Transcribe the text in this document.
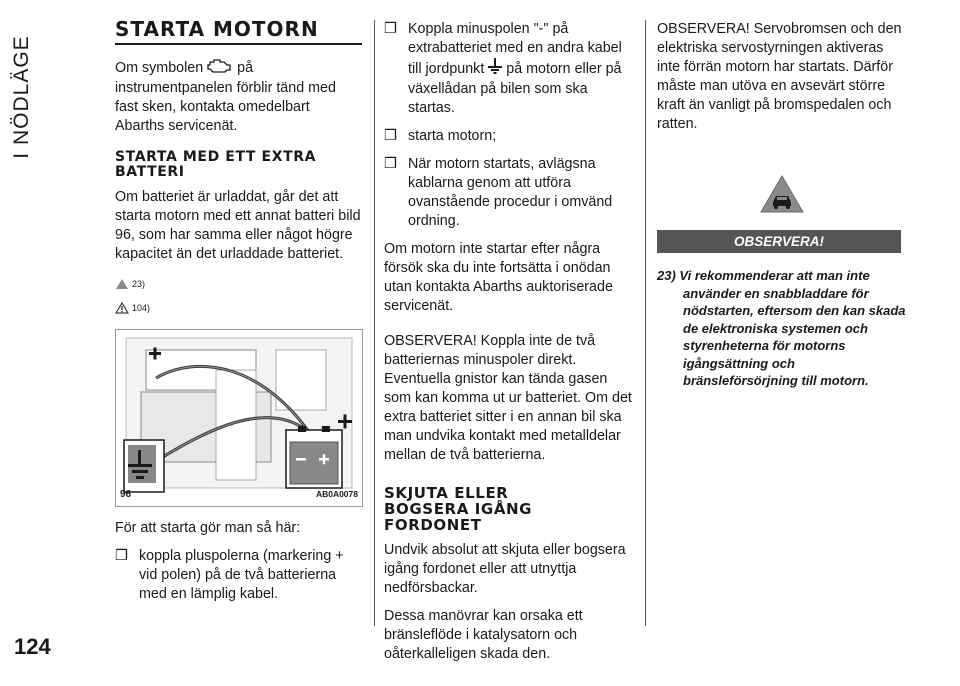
I NÖDLÄGE
124
STARTA MOTORN

Om symbolen på instrumentpanelen förblir tänd med fast sken, kontakta omedelbart Abarths servicenät.

STARTA MED ETT EXTRA
BATTERI

Om batteriet är urladdat, går det att starta motorn med ett annat batteri bild 96, som har samma eller något högre kapacitet än det urladdade batteriet.

23)
104)
96	AB0A0078

För att starta gör man så här:

❒ koppla pluspolerna (markering + vid polen) på de två batterierna med en lämplig kabel.
❒ Koppla minuspolen "-" på extrabatteriet med en andra kabel till jordpunkt på motorn eller på växellådan på bilen som ska startas.
❒ starta motorn;
❒ När motorn startats, avlägsna kablarna genom att utföra ovanstående procedur i omvänd ordning.

Om motorn inte startar efter några försök ska du inte fortsätta i onödan utan kontakta Abarths auktoriserade servicenät.

OBSERVERA! Koppla inte de två batteriernas minuspoler direkt. Eventuella gnistor kan tända gasen som kan komma ut ur batteriet. Om det extra batteriet sitter i en annan bil ska man undvika kontakt med metalldelar mellan de två batterierna.

SKJUTA ELLER
BOGSERA IGÅNG
FORDONET

Undvik absolut att skjuta eller bogsera igång fordonet eller att utnyttja nedförsbackar.

Dessa manövrar kan orsaka ett bränsleflöde i katalysatorn och oåterkalleligen skada den.

OBSERVERA! Servobromsen och den elektriska servostyrningen aktiveras inte förrän motorn har startats. Därför måste man utöva en avsevärt större kraft än vanligt på bromspedalen och ratten.

OBSERVERA!
23) Vi rekommenderar att man inte använder en snabbladdare för nödstarten, eftersom den kan skada de elektroniska systemen och styrenheterna för motorns igångsättning och bränsleförsörjning till motorn.
